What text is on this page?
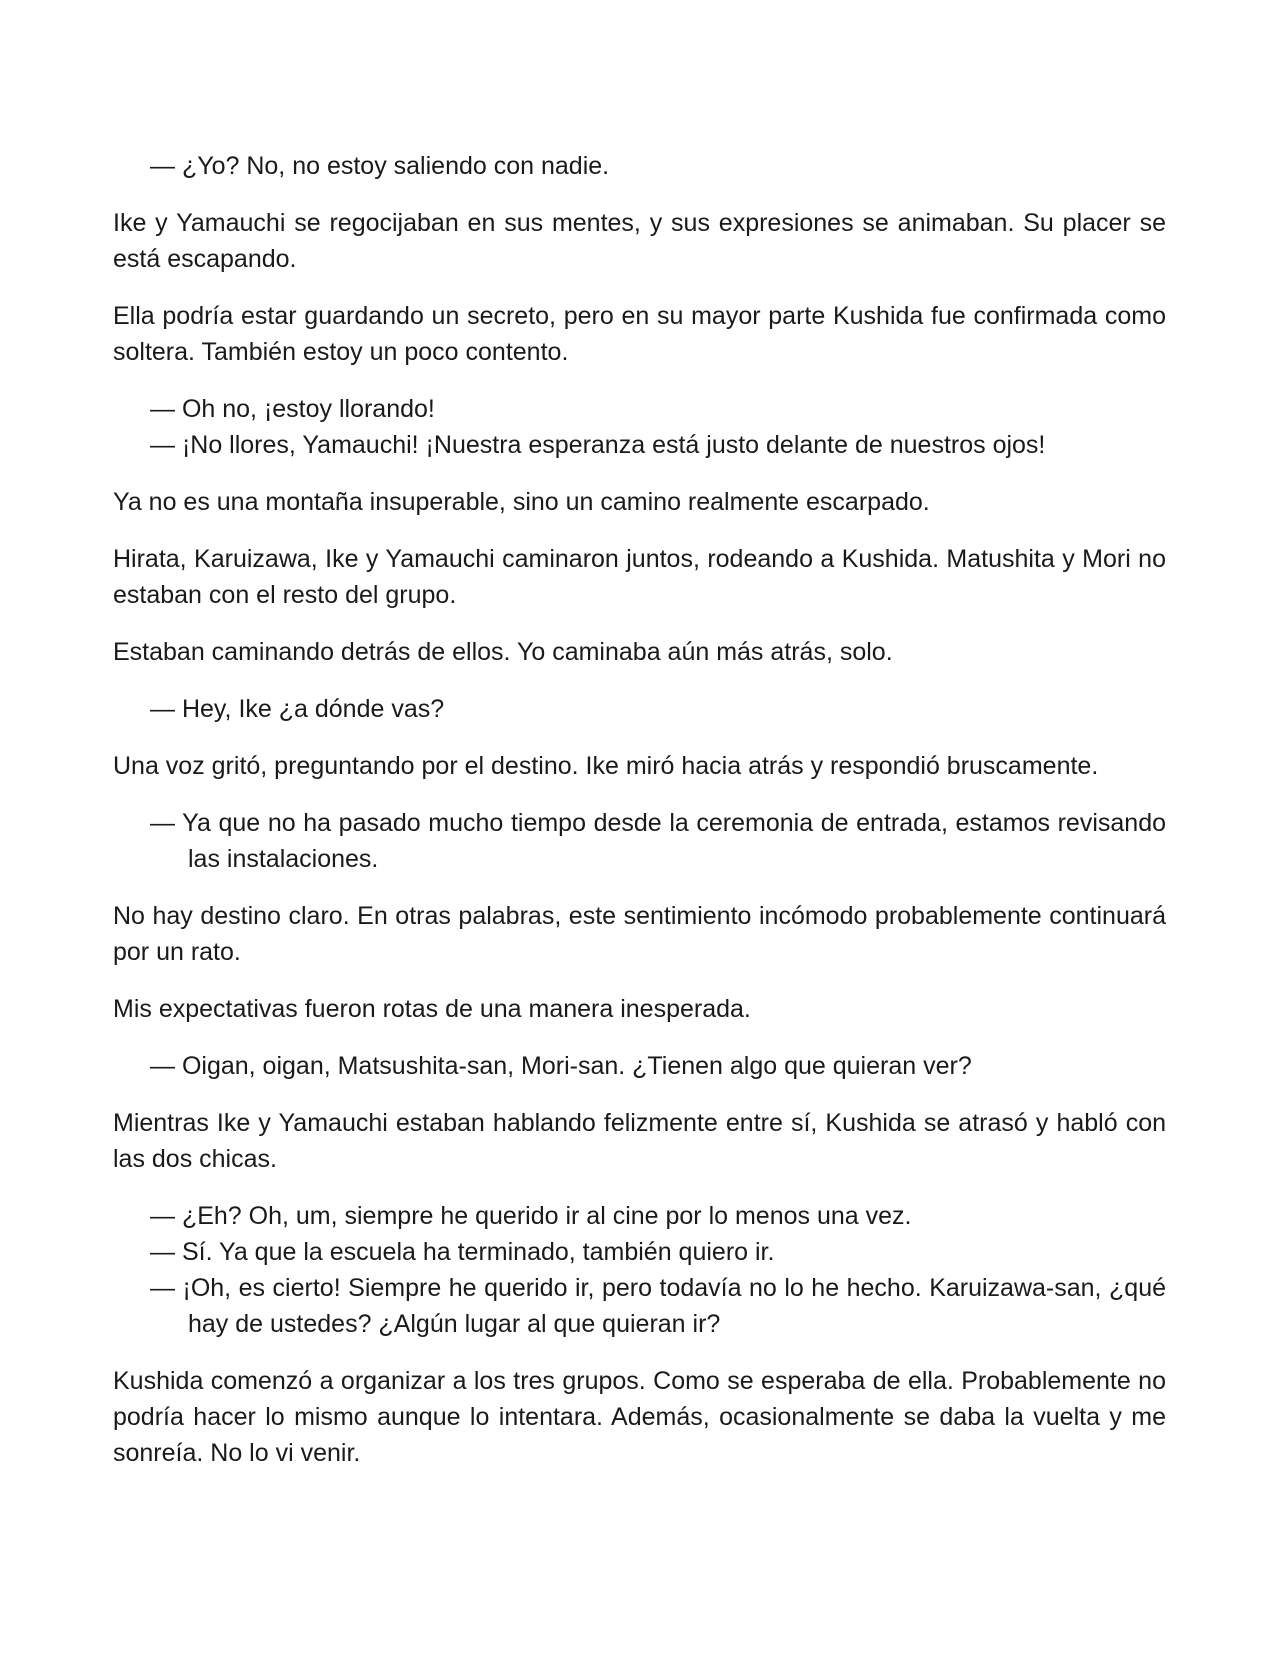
— ¿Yo? No, no estoy saliendo con nadie.

Ike y Yamauchi se regocijaban en sus mentes, y sus expresiones se animaban. Su placer se está escapando.

Ella podría estar guardando un secreto, pero en su mayor parte Kushida fue confirmada como soltera. También estoy un poco contento.

— Oh no, ¡estoy llorando!

— ¡No llores, Yamauchi! ¡Nuestra esperanza está justo delante de nuestros ojos!

Ya no es una montaña insuperable, sino un camino realmente escarpado.

Hirata, Karuizawa, Ike y Yamauchi caminaron juntos, rodeando a Kushida. Matushita y Mori no estaban con el resto del grupo.

Estaban caminando detrás de ellos. Yo caminaba aún más atrás, solo.

— Hey, Ike ¿a dónde vas?

Una voz gritó, preguntando por el destino. Ike miró hacia atrás y respondió bruscamente.

— Ya que no ha pasado mucho tiempo desde la ceremonia de entrada, estamos revisando las instalaciones.

No hay destino claro. En otras palabras, este sentimiento incómodo probablemente continuará por un rato.

Mis expectativas fueron rotas de una manera inesperada.

— Oigan, oigan, Matsushita-san, Mori-san. ¿Tienen algo que quieran ver?

Mientras Ike y Yamauchi estaban hablando felizmente entre sí, Kushida se atrasó y habló con las dos chicas.

— ¿Eh? Oh, um, siempre he querido ir al cine por lo menos una vez.

— Sí. Ya que la escuela ha terminado, también quiero ir.

— ¡Oh, es cierto! Siempre he querido ir, pero todavía no lo he hecho. Karuizawa-san, ¿qué hay de ustedes? ¿Algún lugar al que quieran ir?

Kushida comenzó a organizar a los tres grupos. Como se esperaba de ella. Probablemente no podría hacer lo mismo aunque lo intentara. Además, ocasionalmente se daba la vuelta y me sonreía. No lo vi venir.
